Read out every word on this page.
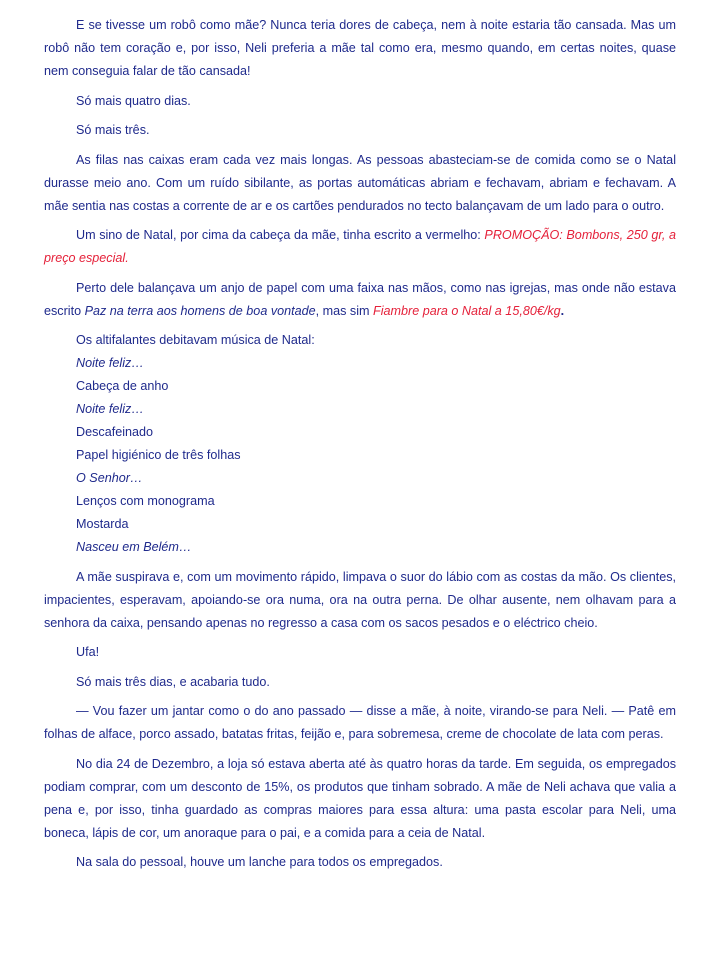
E se tivesse um robô como mãe? Nunca teria dores de cabeça, nem à noite estaria tão cansada. Mas um robô não tem coração e, por isso, Neli preferia a mãe tal como era, mesmo quando, em certas noites, quase nem conseguia falar de tão cansada!

Só mais quatro dias.

Só mais três.

As filas nas caixas eram cada vez mais longas. As pessoas abasteciam-se de comida como se o Natal durasse meio ano. Com um ruído sibilante, as portas automáticas abriam e fechavam, abriam e fechavam. A mãe sentia nas costas a corrente de ar e os cartões pendurados no tecto balançavam de um lado para o outro.

Um sino de Natal, por cima da cabeça da mãe, tinha escrito a vermelho: PROMOÇÃO: Bombons, 250 gr, a preço especial.

Perto dele balançava um anjo de papel com uma faixa nas mãos, como nas igrejas, mas onde não estava escrito Paz na terra aos homens de boa vontade, mas sim Fiambre para o Natal a 15,80€/kg.

Os altifalantes debitavam música de Natal:

Noite feliz…

Cabeça de anho

Noite feliz…

Descafeinado

Papel higiénico de três folhas

O Senhor…

Lenços com monograma

Mostarda

Nasceu em Belém…

A mãe suspirava e, com um movimento rápido, limpava o suor do lábio com as costas da mão. Os clientes, impacientes, esperavam, apoiando-se ora numa, ora na outra perna. De olhar ausente, nem olhavam para a senhora da caixa, pensando apenas no regresso a casa com os sacos pesados e o eléctrico cheio.

Ufa!

Só mais três dias, e acabaria tudo.

— Vou fazer um jantar como o do ano passado — disse a mãe, à noite, virando-se para Neli. — Patê em folhas de alface, porco assado, batatas fritas, feijão e, para sobremesa, creme de chocolate de lata com peras.

No dia 24 de Dezembro, a loja só estava aberta até às quatro horas da tarde. Em seguida, os empregados podiam comprar, com um desconto de 15%, os produtos que tinham sobrado. A mãe de Neli achava que valia a pena e, por isso, tinha guardado as compras maiores para essa altura: uma pasta escolar para Neli, uma boneca, lápis de cor, um anoraque para o pai, e a comida para a ceia de Natal.

Na sala do pessoal, houve um lanche para todos os empregados.
